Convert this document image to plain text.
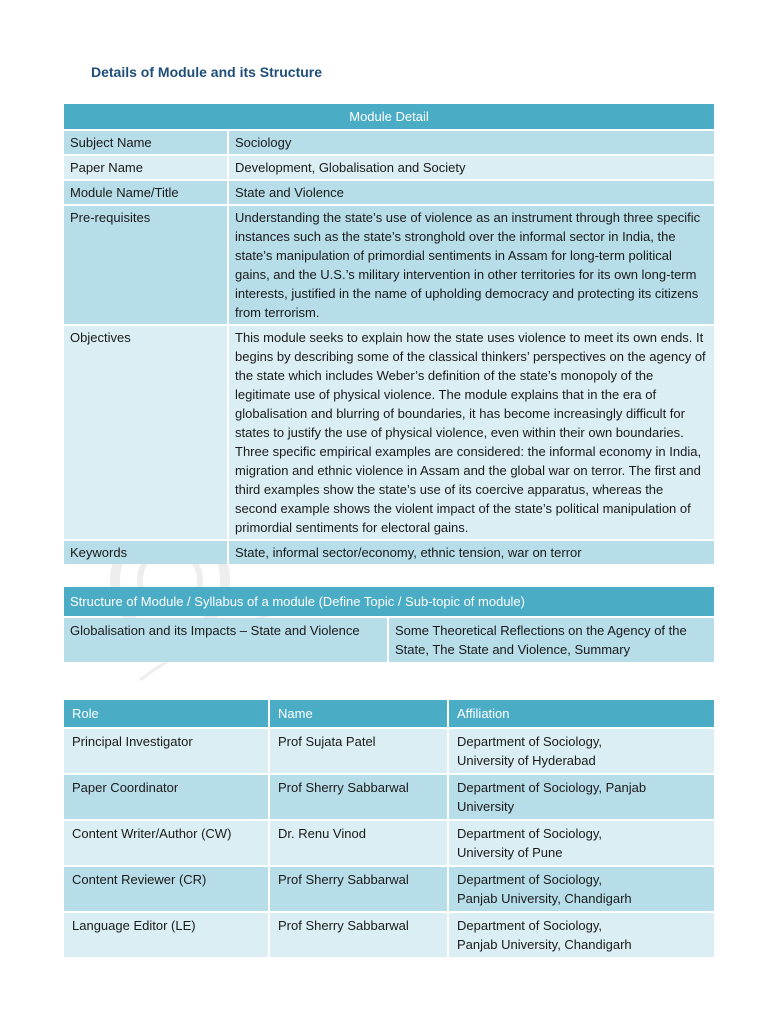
Details of Module and its Structure
Module Detail	
Subject Name	Sociology
Paper Name	Development, Globalisation and Society
Module Name/Title	State and Violence
Pre-requisites	Understanding the state’s use of violence as an instrument through three specific instances such as the state’s stronghold over the informal sector in India, the state’s manipulation of primordial sentiments in Assam for long-term political gains, and the U.S.’s military intervention in other territories for its own long-term interests, justified in the name of upholding democracy and protecting its citizens from terrorism.
Objectives	This module seeks to explain how the state uses violence to meet its own ends. It begins by describing some of the classical thinkers’ perspectives on the agency of the state which includes Weber’s definition of the state’s monopoly of the legitimate use of physical violence. The module explains that in the era of globalisation and blurring of boundaries, it has become increasingly difficult for states to justify the use of physical violence, even within their own boundaries. Three specific empirical examples are considered: the informal economy in India, migration and ethnic violence in Assam and the global war on terror. The first and third examples show the state’s use of its coercive apparatus, whereas the second example shows the violent impact of the state’s political manipulation of primordial sentiments for electoral gains.
Keywords	State, informal sector/economy, ethnic tension, war on terror
Structure of Module / Syllabus of a module (Define Topic / Sub-topic of module)
Globalisation and its Impacts – State and Violence	Some Theoretical Reflections on the Agency of the State, The State and Violence, Summary
Role	Name	Affiliation
Principal Investigator	Prof Sujata Patel	Department of Sociology,
University of Hyderabad
Paper Coordinator	Prof Sherry Sabbarwal	Department of Sociology, Panjab University
Content Writer/Author (CW)	Dr. Renu Vinod	Department of Sociology,
University of Pune
Content Reviewer (CR)	Prof Sherry Sabbarwal	Department of Sociology,
Panjab University, Chandigarh
Language Editor (LE)	Prof Sherry Sabbarwal	Department of Sociology,
Panjab University, Chandigarh
